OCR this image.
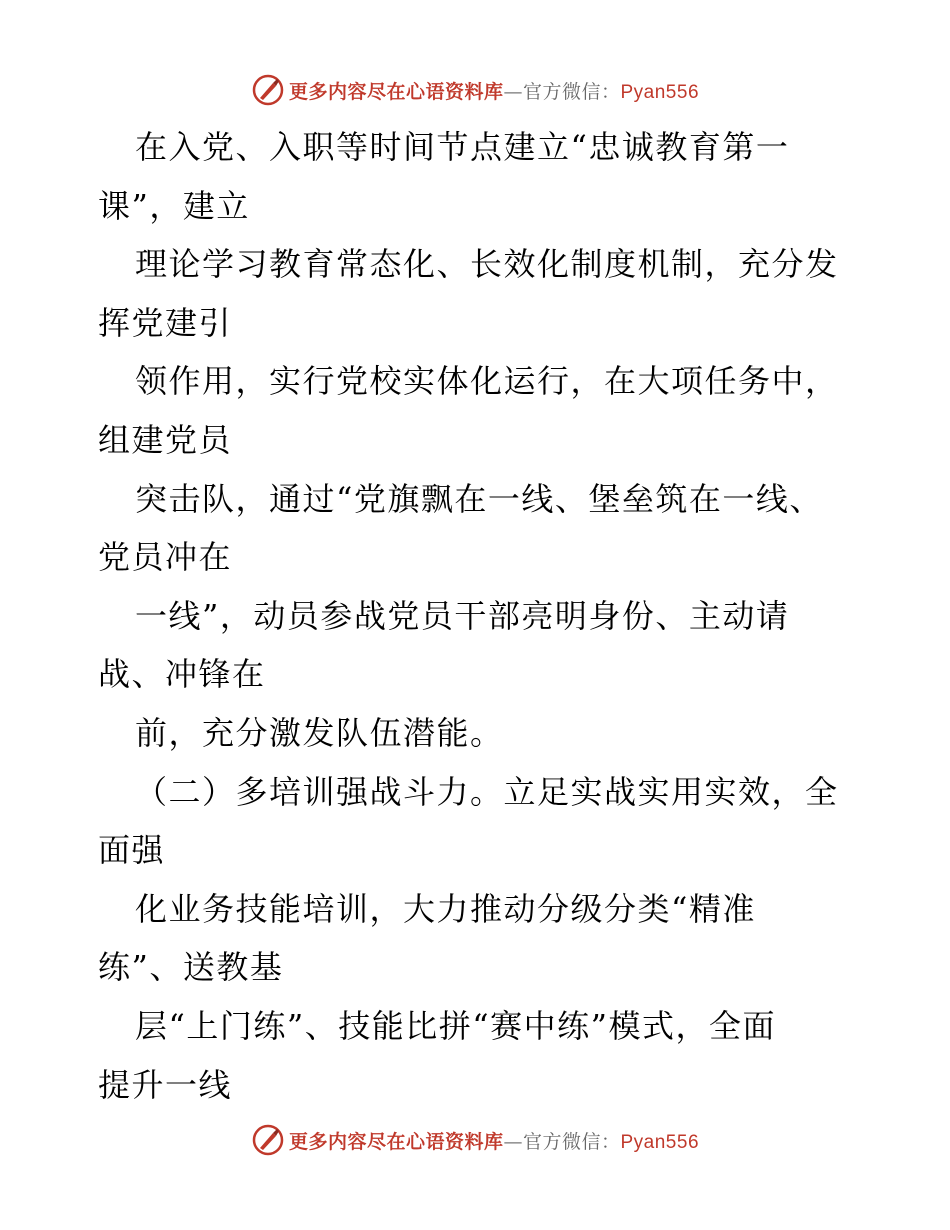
更多内容尽在心语资料库—官方微信：Pyan556
在入党、入职等时间节点建立“忠诚教育第一
课”，建立
理论学习教育常态化、长效化制度机制，充分发
挥党建引
领作用，实行党校实体化运行，在大项任务中，
组建党员
突击队，通过“党旗飘在一线、堡垒筑在一线、
党员冲在
一线”，动员参战党员干部亮明身份、主动请
战、冲锋在
前，充分激发队伍潜能。
（二）多培训强战斗力。立足实战实用实效，全
面强
化业务技能培训，大力推动分级分类“精准
练”、送教基
层“上门练”、技能比拼“赛中练”模式，全面
提升一线
更多内容尽在心语资料库—官方微信：Pyan556
